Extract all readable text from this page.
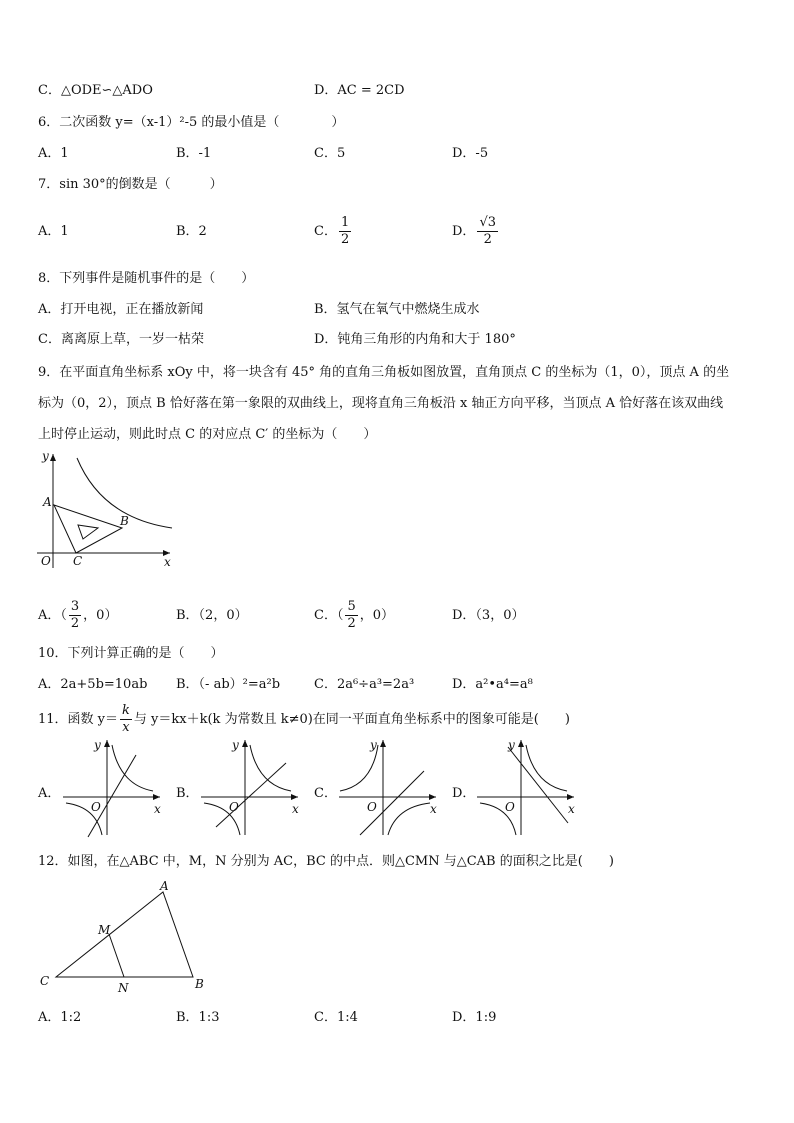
C．△ODE∽△ADO	D．AC = 2CD
6．二次函数 y=（x-1）²-5 的最小值是（　　　　）
A．1	B．-1	C．5	D．-5
7．sin 30°的倒数是（　　　）
A．1	B．2	C． $\frac{1}{2}$	D． $\frac{√3}{2}$
8．下列事件是随机事件的是（　　）
A．打开电视，正在播放新闻	B．氢气在氧气中燃烧生成水
C．离离原上草，一岁一枯荣	D．钝角三角形的内角和大于 180°
9．在平面直角坐标系 xOy 中，将一块含有 45° 角的直角三角板如图放置，直角顶点 C 的坐标为（1，0），顶点 A 的坐
标为（0，2），顶点 B 恰好落在第一象限的双曲线上，现将直角三角板沿 x 轴正方向平移，当顶点 A 恰好落在该双曲线
上时停止运动，则此时点 C 的对应点 C′ 的坐标为（　　）
y
x
O
A
B
C
A．（ $\frac{3}{2}$ ，0）	B．（2，0）	C．（ $\frac{5}{2}$ ，0）	D．（3，0）
10．下列计算正确的是（　　）
A．2a+5b=10ab B．（- ab）²=a²b	C．2a⁶÷a³=2a³	D．a²•a⁴=a⁸
11．函数 $y= \frac{k}{x}$ 与 y＝kx＋k(k 为常数且 k≠0)在同一平面直角坐标系中的图象可能是(　　)
A．
y
x
O
B．
y
x
O
C．
y
x
O
D．
y
x
O
12．如图，在△ABC 中，M，N 分别为 AC，BC 的中点．则△CMN 与△CAB 的面积之比是(　　)
A
B
C
M
N
A．1:2	B．1:3	C．1:4	D．1:9
